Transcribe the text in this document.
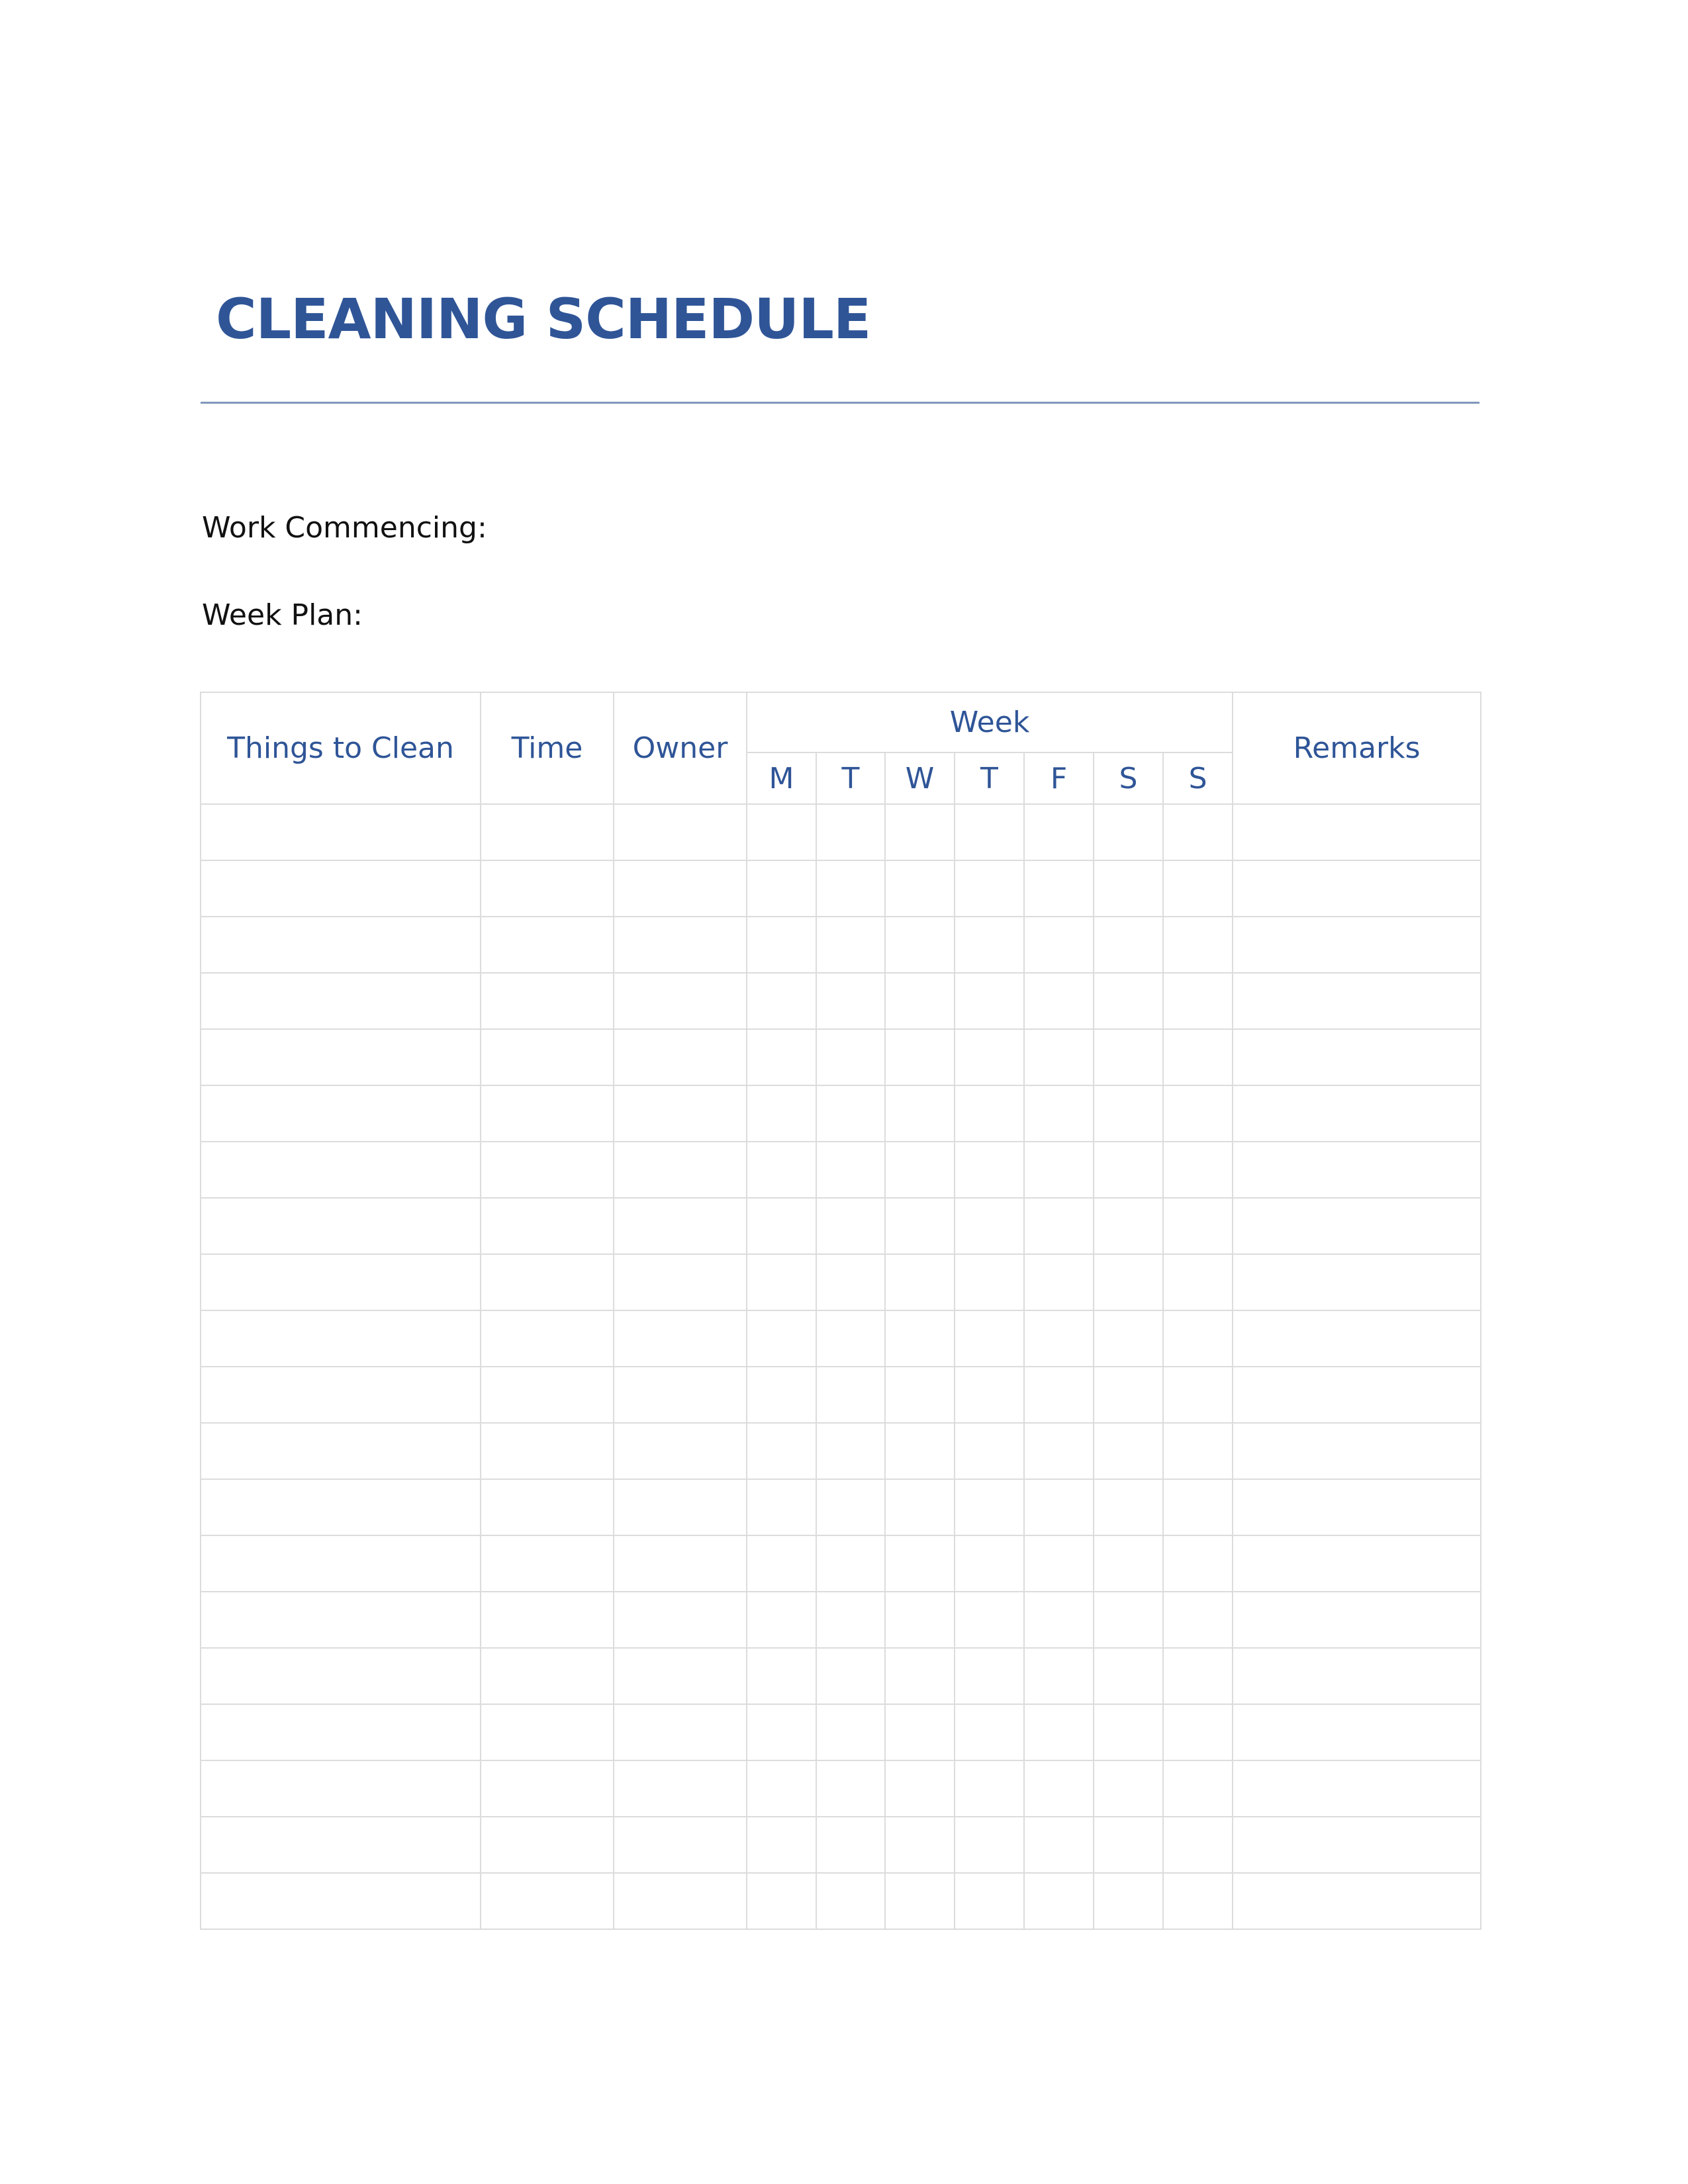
CLEANING SCHEDULE

Work Commencing:

Week Plan:

Things to Clean	Time	Owner	Week							Remarks
			M	T	W	T	F	S	S	
